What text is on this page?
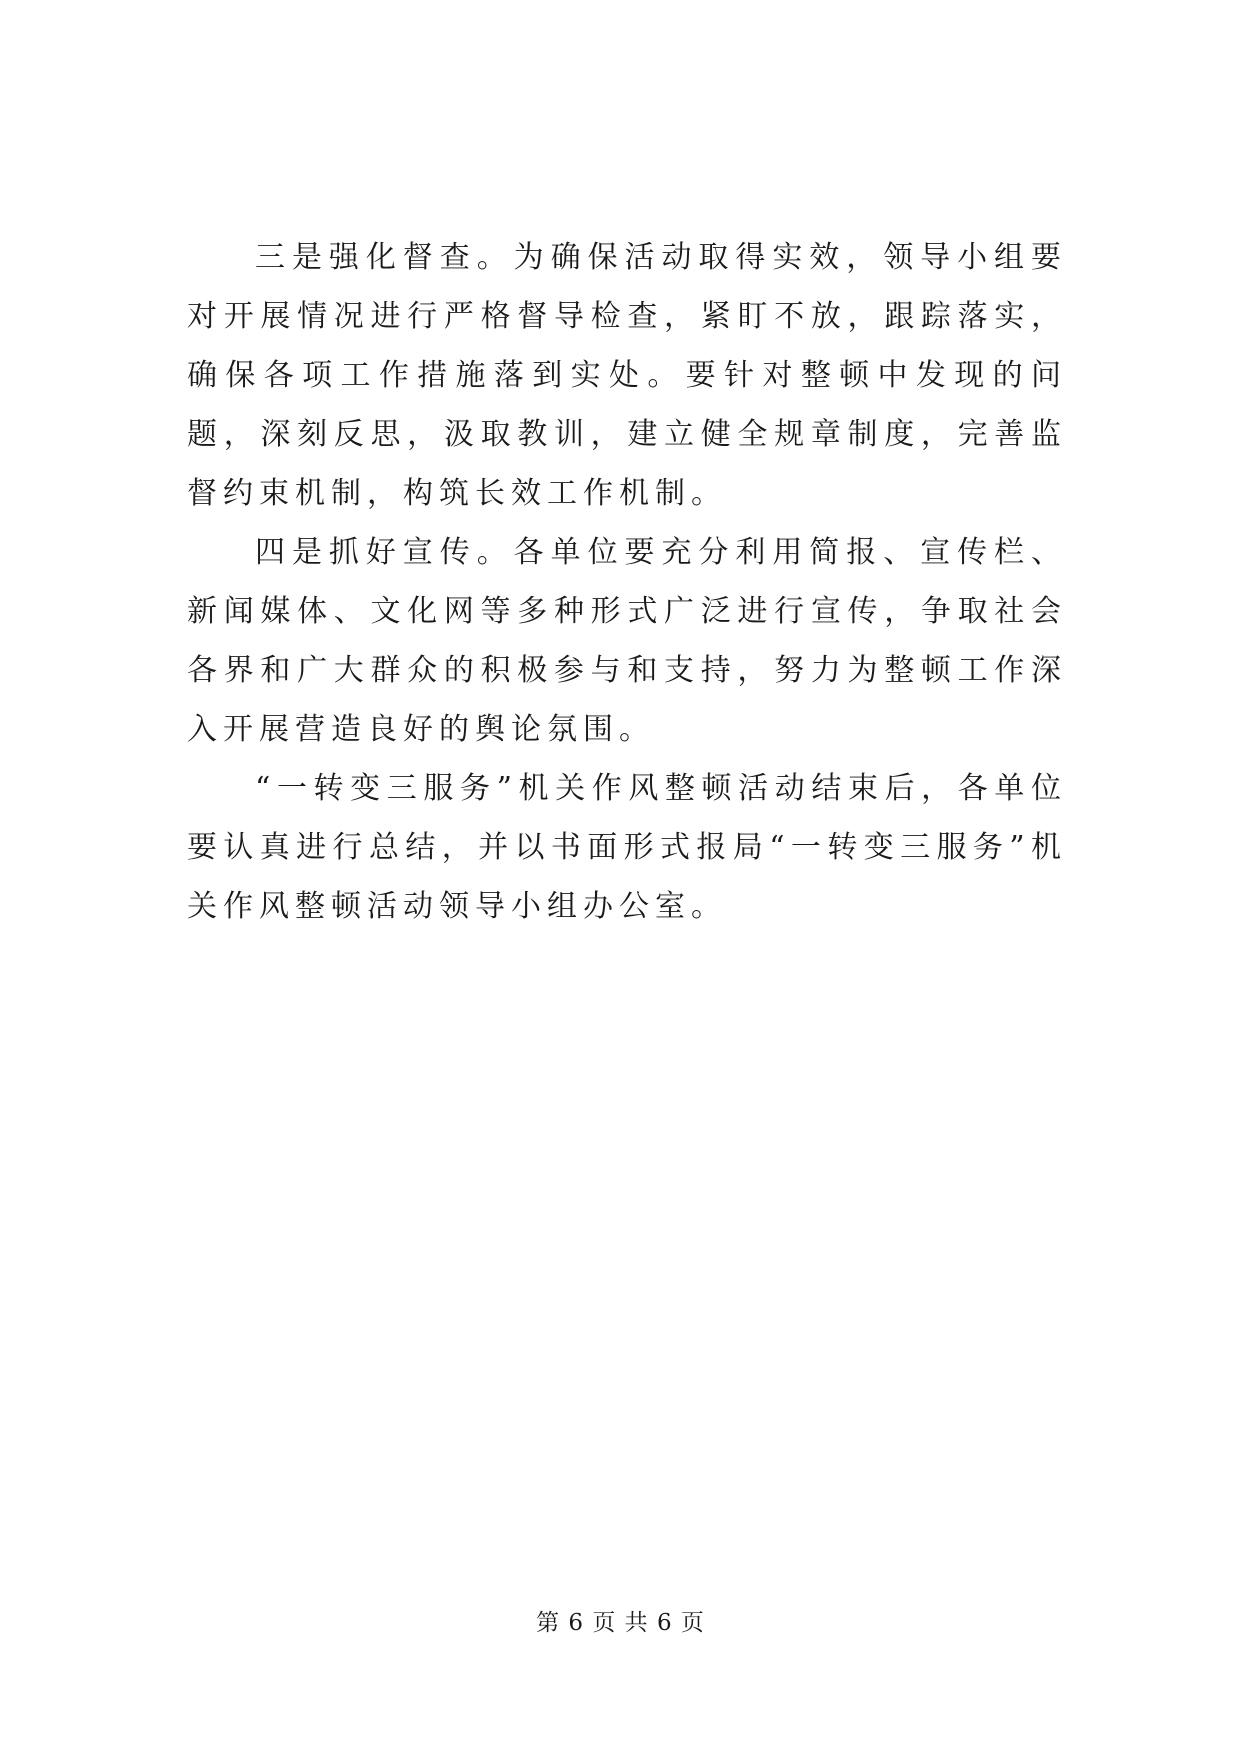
三是强化督查。为确保活动取得实效，领导小组要对开展情况进行严格督导检查，紧盯不放，跟踪落实，确保各项工作措施落到实处。要针对整顿中发现的问题，深刻反思，汲取教训，建立健全规章制度，完善监督约束机制，构筑长效工作机制。

四是抓好宣传。各单位要充分利用简报、宣传栏、新闻媒体、文化网等多种形式广泛进行宣传，争取社会各界和广大群众的积极参与和支持，努力为整顿工作深入开展营造良好的舆论氛围。

“一转变三服务”机关作风整顿活动结束后，各单位要认真进行总结，并以书面形式报局“一转变三服务”机关作风整顿活动领导小组办公室。

第 6 页 共 6 页
